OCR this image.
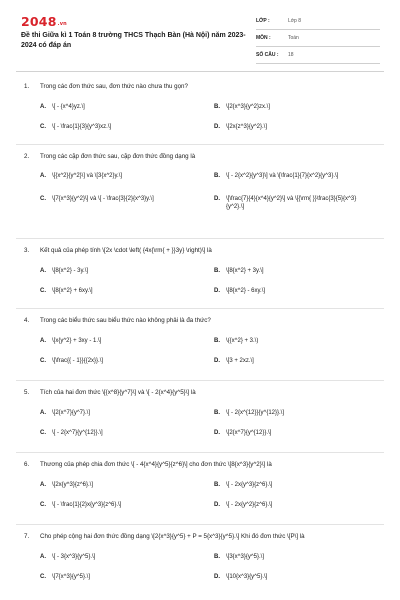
2048.vn
Đề thi Giữa kì 1 Toán 8 trường THCS Thạch Bàn (Hà Nội) năm 2023-2024 có đáp án
LỚP :	Lớp 8
MÔN :	Toán
SỐ CÂU :	18
1. Trong các đơn thức sau, đơn thức nào chưa thu gọn?
A.	\[ - {x^4}yz.\]	B.	\[2{x^3}{y^2}zx.\]
C.	\[ - \frac{1}{3}{y^3}xz.\]	D.	\[2x{z^3}{y^2}.\]
2. Trong các cặp đơn thức sau, cặp đơn thức đồng dạng là
A.	\[{x^2}{y^2}\] và \[3{x^2}y.\]	B.	\[ - 2{x^2}{y^3}\] và \[\frac{1}{7}{x^2}{y^3}.\]
C.	\[7{x^3}{y^2}\] và \[ - \frac{3}{2}{x^3}y.\]	D.	\[\frac{7}{4}{x^4}{y^2}\] và \[{\rm{ }}\frac{3}{5}{x^3}{y^2}.\]
3. Kết quả của phép tính \[2x \cdot \left( {4x{\rm{ + }}3y} \right)\] là
A.	\[8{x^2} - 3y.\]	B.	\[8{x^2} + 3y.\]
C.	\[8{x^2} + 6xy.\]	D.	\[8{x^2} - 6xy.\]
4. Trong các biểu thức sau biểu thức nào không phải là đa thức?
A.	\[x{y^2} + 3xy - 1.\]	B.	\({x^2} + 3.\)
C.	\[\frac{{ - 1}}{{2x}}.\]	D.	\[3 + 2xz.\]
5. Tích của hai đơn thức \[{x^8}{y^7}\] và \[ - 2{x^4}{y^5}\] là
A.	\[2{x^7}{y^7}.\]	B.	\[ - 2{x^{12}}{y^{12}}.\]
C.	\[ - 2{x^7}{y^{12}}.\]	D.	\[2{x^7}{y^{12}}.\]
6. Thương của phép chia đơn thức \[ - 4{x^4}{y^5}{z^6}\] cho đơn thức \[8{x^3}{y^2}\] là
A.	\[2x{y^3}{z^6}.\]	B.	\[ - 2x{y^3}{z^6}.\]
C.	\[ - \frac{1}{2}x{y^3}{z^6}.\]	D.	\[ - 2x{y^2}{z^6}.\]
7. Cho phép cộng hai đơn thức đồng dạng \[2{x^3}{y^5} + P = 5{x^3}{y^5}.\] Khi đó đơn thức \[P\] là
A.	\[ - 3{x^3}{y^5}.\]	B.	\[3{x^3}{y^5}.\]
C.	\[7{x^3}{y^5}.\]	D.	\[10{x^3}{y^5}.\]
